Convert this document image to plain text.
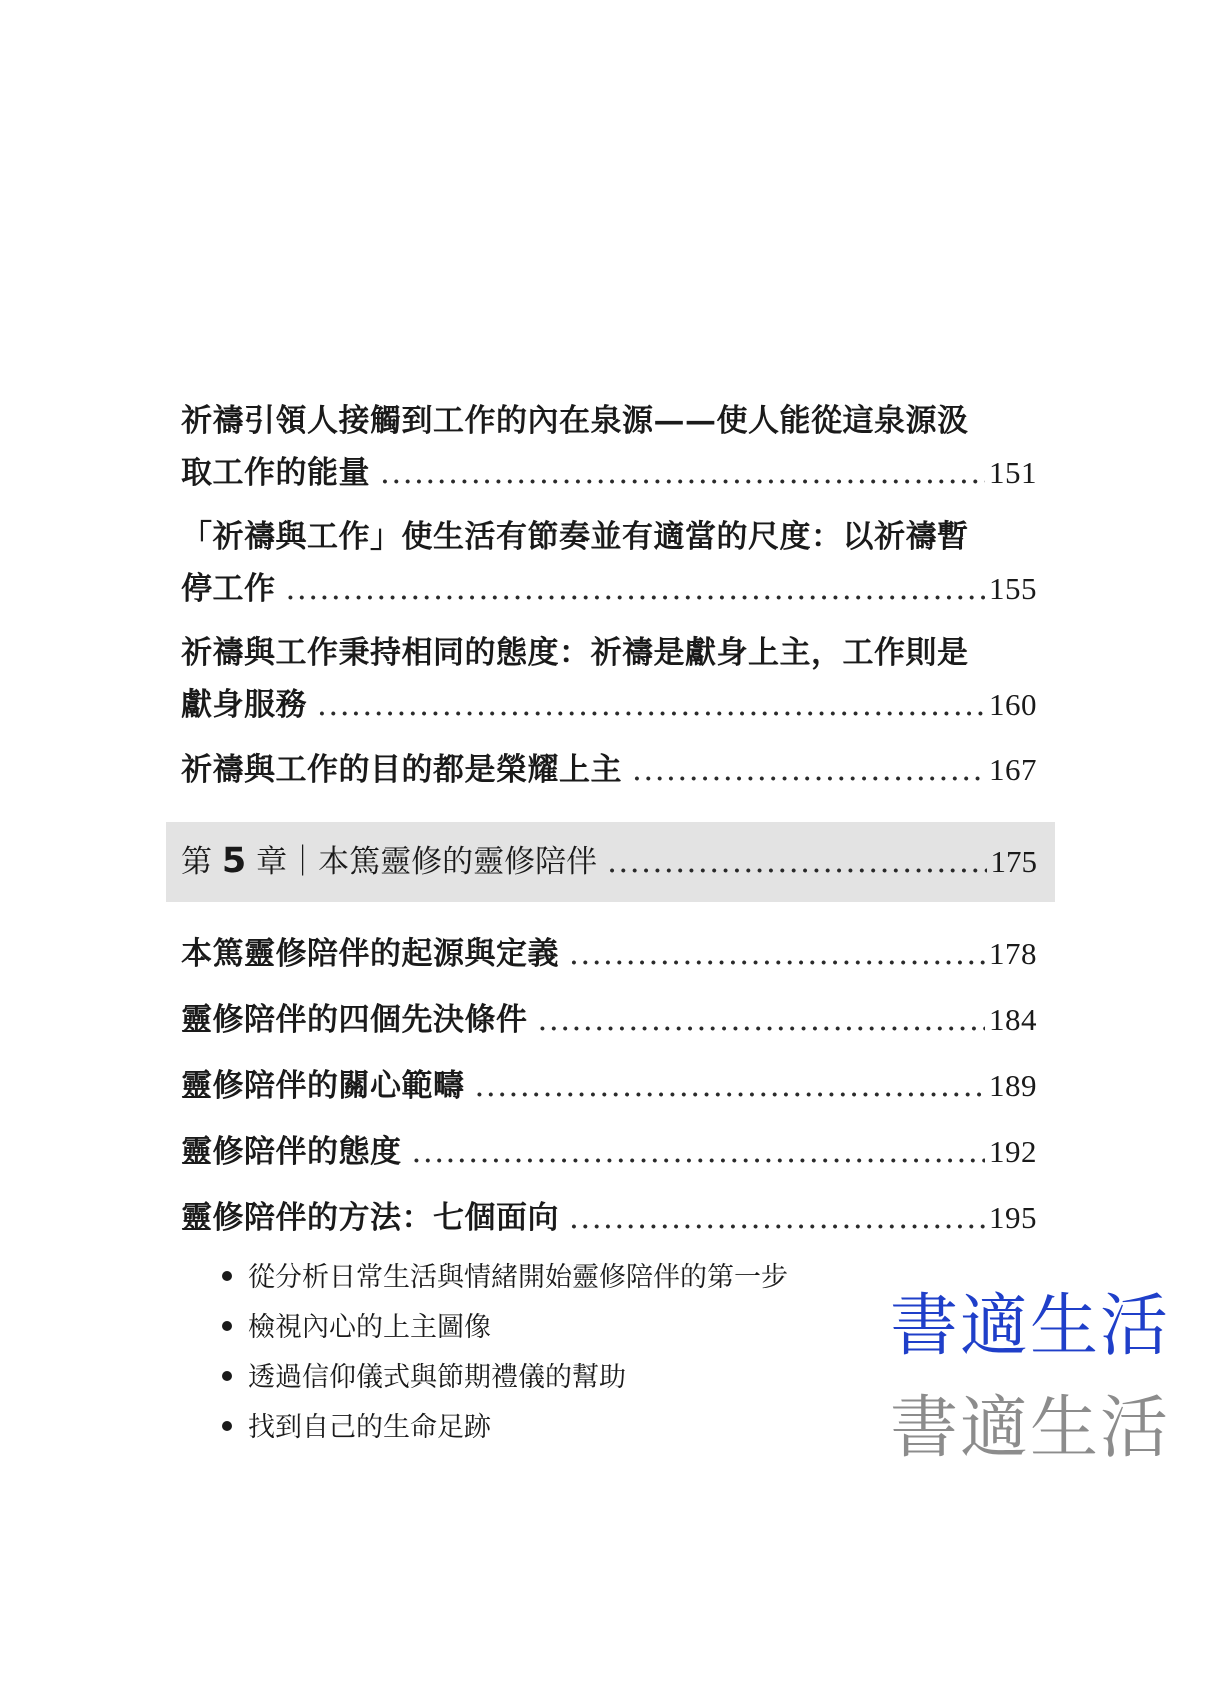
祈禱引領人接觸到工作的內在泉源——使人能從這泉源汲
取工作的能量 .....	151
「祈禱與工作」使生活有節奏並有適當的尺度：以祈禱暫
停工作 .....	155
祈禱與工作秉持相同的態度：祈禱是獻身上主，工作則是
獻身服務 .....	160
祈禱與工作的目的都是榮耀上主 .....	167
第 5 章｜本篤靈修的靈修陪伴 .....	175
本篤靈修陪伴的起源與定義 .....	178
靈修陪伴的四個先決條件 .....	184
靈修陪伴的關心範疇 .....	189
靈修陪伴的態度 .....	192
靈修陪伴的方法：七個面向 .....	195
從分析日常生活與情緒開始靈修陪伴的第一步
檢視內心的上主圖像
透過信仰儀式與節期禮儀的幫助
找到自己的生命足跡
書適生活
書適生活
